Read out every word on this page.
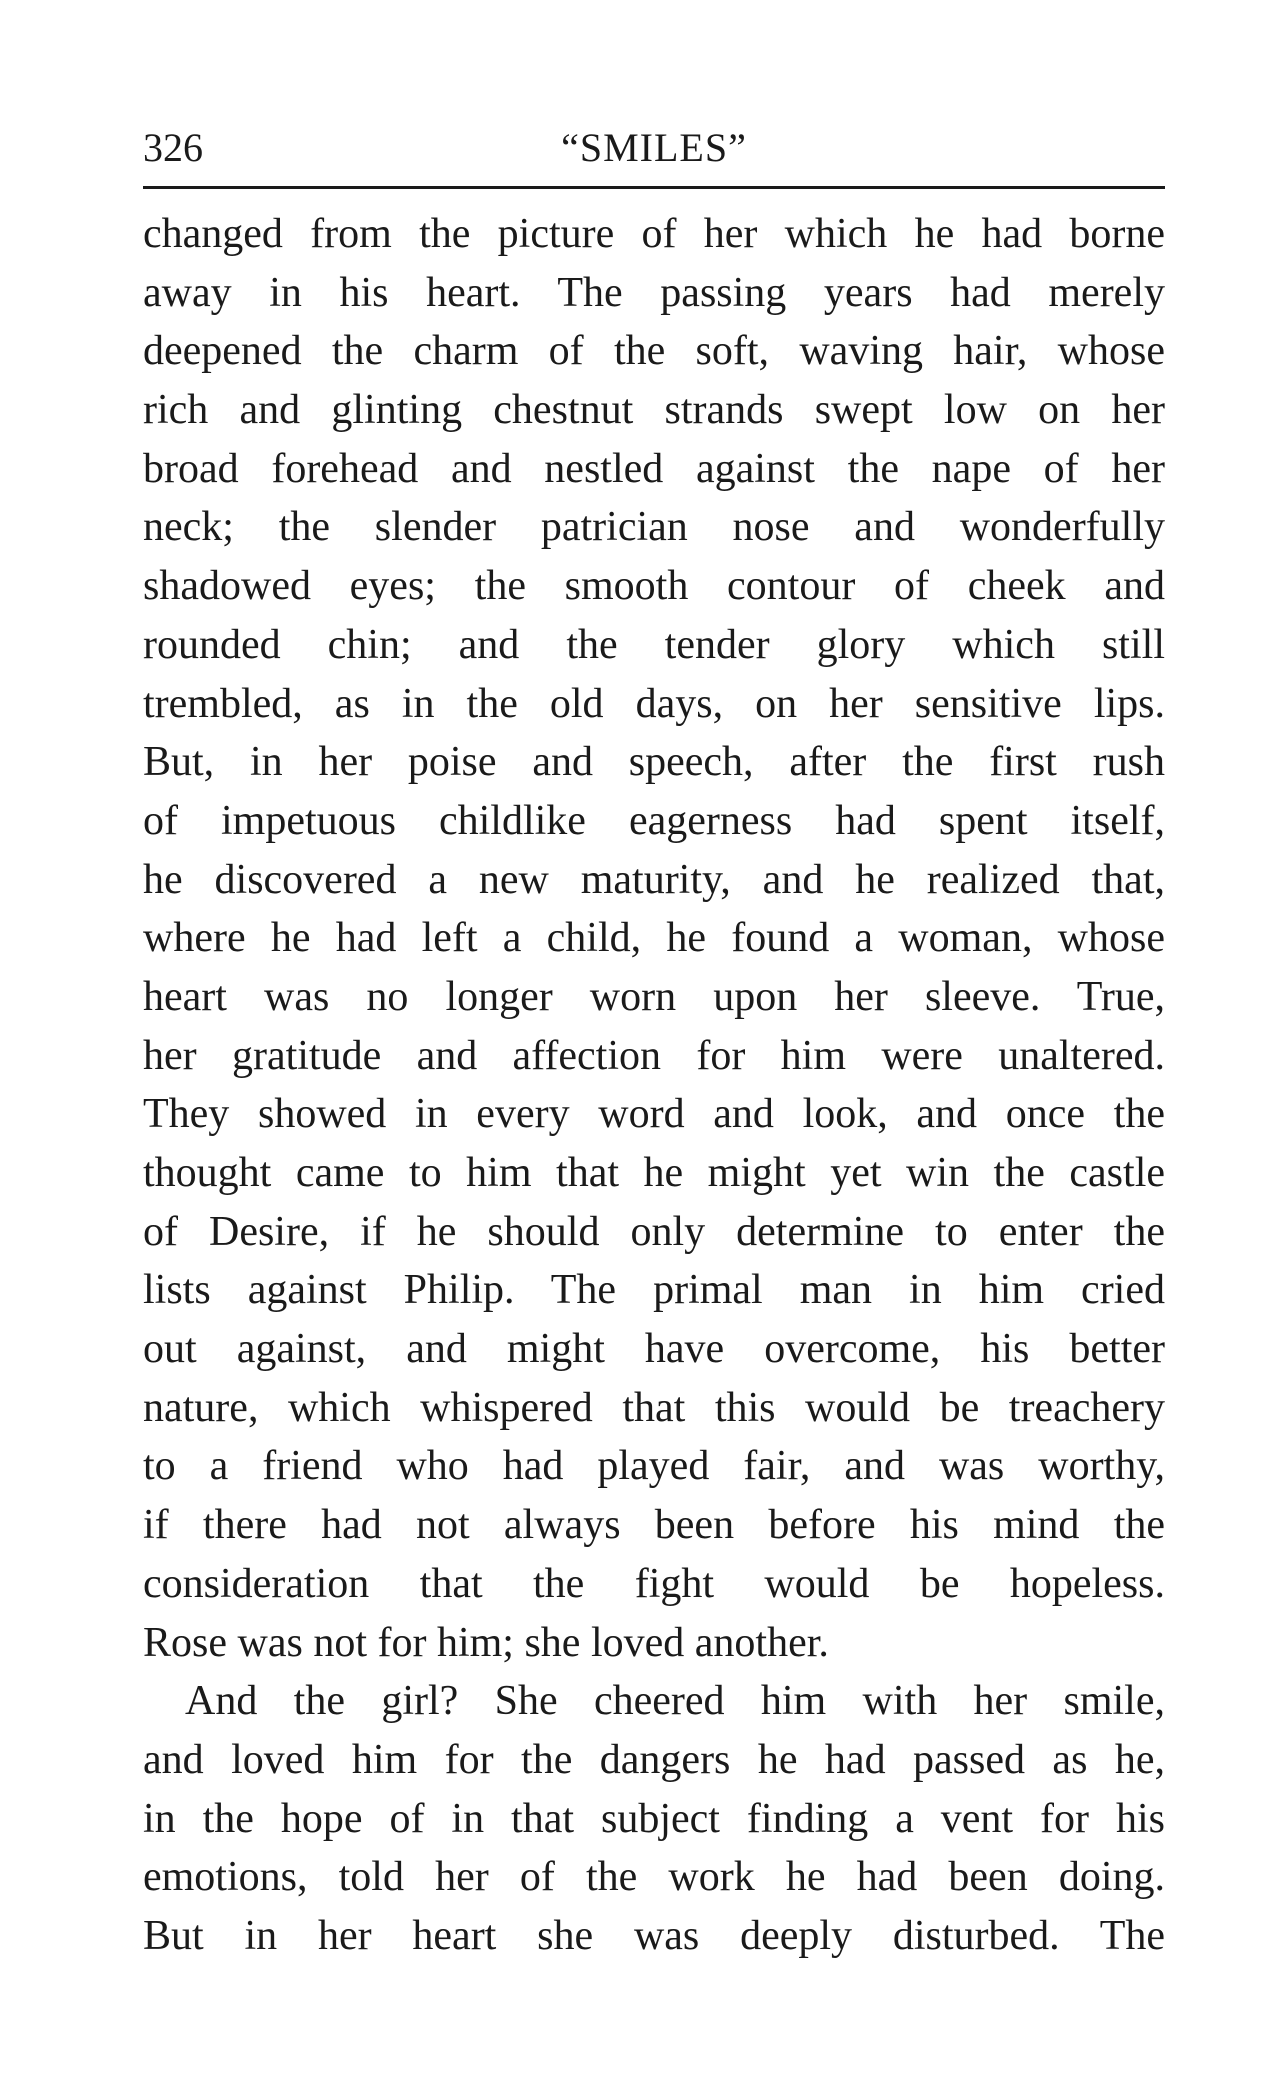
326	“SMILES”
changed from the picture of her which he had borne
away in his heart. The passing years had merely
deepened the charm of the soft, waving hair, whose
rich and glinting chestnut strands swept low on her
broad forehead and nestled against the nape of her
neck; the slender patrician nose and wonderfully
shadowed eyes; the smooth contour of cheek and
rounded chin; and the tender glory which still
trembled, as in the old days, on her sensitive lips.
But, in her poise and speech, after the first rush
of impetuous childlike eagerness had spent itself,
he discovered a new maturity, and he realized that,
where he had left a child, he found a woman, whose
heart was no longer worn upon her sleeve. True,
her gratitude and affection for him were unaltered.
They showed in every word and look, and once the
thought came to him that he might yet win the castle
of Desire, if he should only determine to enter the
lists against Philip. The primal man in him cried
out against, and might have overcome, his better
nature, which whispered that this would be treachery
to a friend who had played fair, and was worthy,
if there had not always been before his mind the
consideration that the fight would be hopeless.
Rose was not for him; she loved another.
And the girl? She cheered him with her smile,
and loved him for the dangers he had passed as he,
in the hope of in that subject finding a vent for his
emotions, told her of the work he had been doing.
But in her heart she was deeply disturbed. The
